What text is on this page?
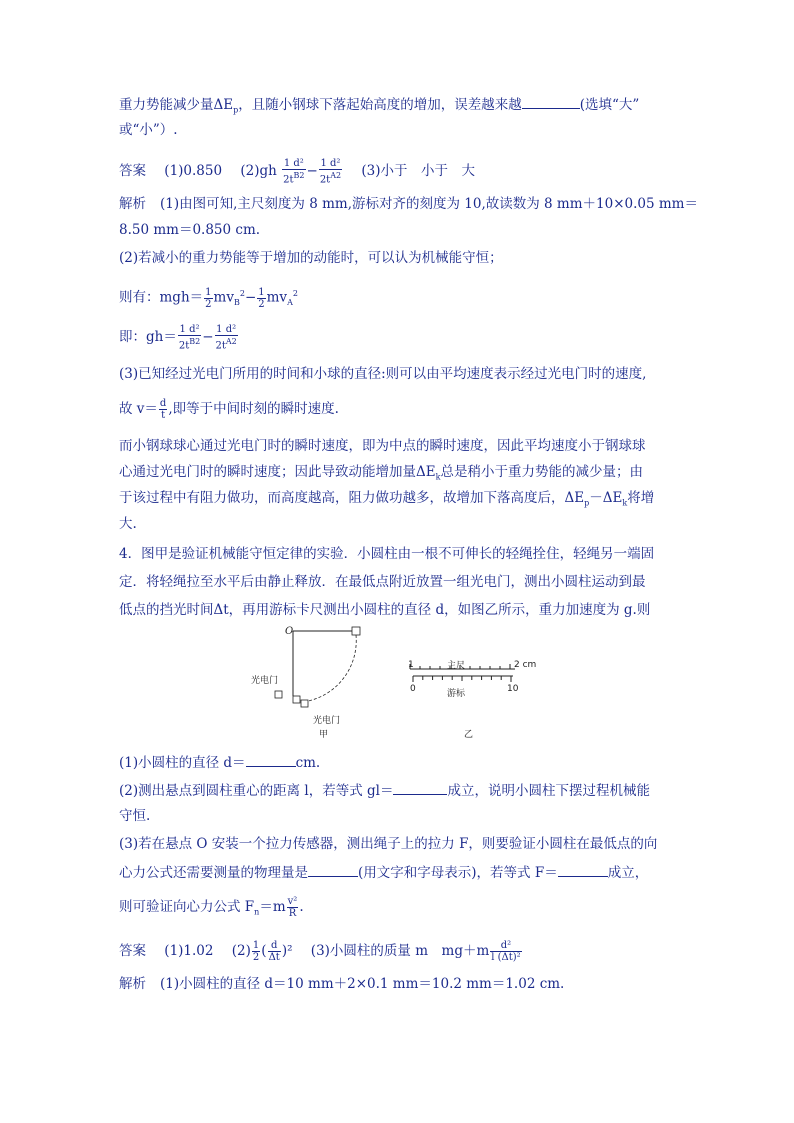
重力势能减少量$\Delta E_p$，且随小钢球下落起始高度的增加，误差越来越	(选填“大”
或“小”）.
答案 (1)0.850 $(2)gh \frac{\text{1 d²}}{2t^{B2}} - \frac{\text{1 d²}}{2t^{A2}} (3)$小于　小于　大
解析 (1)由图可知,主尺刻度为 8 mm,游标对齐的刻度为 10,故读数为 8 mm＋10×0.05 mm＝
8.50 mm＝0.850 cm.
(2)若减小的重力势能等于增加的动能时，可以认为机械能守恒；
则有：$mgh= \frac{1}{2} mv_B^2- \frac{1}{2} mv_A^2$
即：$gh= \frac{\text{1 d²}}{2t^{B2}} - \frac{\text{1 d²}}{2t^{A2}}$
(3)已知经过光电门所用的时间和小球的直径:则可以由平均速度表示经过光电门时的速度,
故 $v= \frac{d}{t}$ ,即等于中间时刻的瞬时速度.
而小钢球球心通过光电门时的瞬时速度，即为中点的瞬时速度，因此平均速度小于钢球球
心通过光电门时的瞬时速度；因此导致动能增加量$\Delta E_k$总是稍小于重力势能的减少量；由
于该过程中有阻力做功，而高度越高，阻力做功越多，故增加下落高度后，$\Delta E_p-\Delta E_k$将增
大.
4．图甲是验证机械能守恒定律的实验．小圆柱由一根不可伸长的轻绳拴住，轻绳另一端固
定．将轻绳拉至水平后由静止释放．在最低点附近放置一组光电门，测出小圆柱运动到最
低点的挡光时间Δt，再用游标卡尺测出小圆柱的直径 d，如图乙所示，重力加速度为 g.则
O
光电门
光电门
甲
1	主尺	2 cm
0	游标	10
乙
(1)小圆柱的直径 d＝	cm.
(2)测出悬点到圆柱重心的距离 l，若等式 gl＝	成立，说明小圆柱下摆过程机械能
守恒.
(3)若在悬点 O 安装一个拉力传感器，测出绳子上的拉力 F，则要验证小圆柱在最低点的向
心力公式还需要测量的物理量是	(用文字和字母表示)，若等式 F＝	成立，
则可验证向心力公式 $F_n=m \frac{\text{v²}}{R}$ .
答案 (1)1.02 $(2) \frac{1}{2}$ ( $\frac{d}{\Delta t} )^2$ (3)小圆柱的质量 m　$mg+m \frac{\text{d²}}{\text{l (Δt)²}}$
解析 (1)小圆柱的直径 d＝10 mm＋2×0.1 mm＝10.2 mm＝1.02 cm.
